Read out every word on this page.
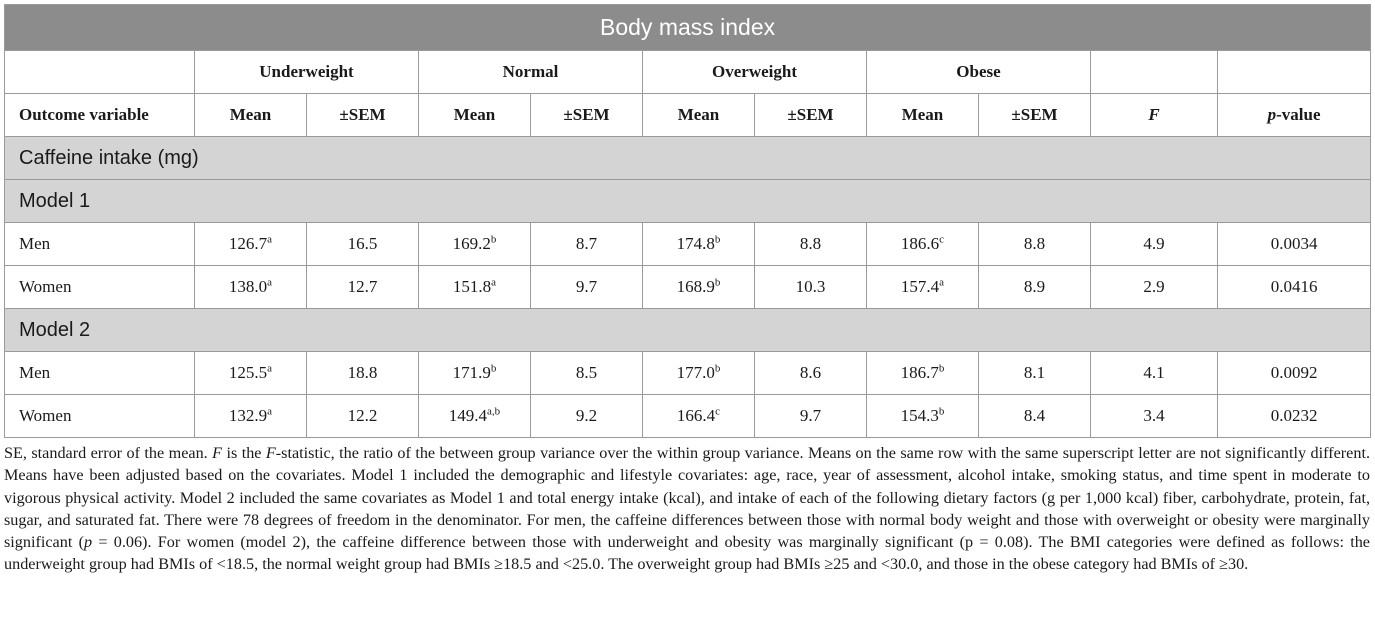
Body mass index										
	Underweight		Normal		Overweight		Obese			
Outcome variable	Mean	±SEM	Mean	±SEM	Mean	±SEM	Mean	±SEM	F	p-value
Caffeine intake (mg)										
Model 1										
Men	126.7$^a$	16.5	169.2$^b$	8.7	174.8$^b$	8.8	186.6$^c$	8.8	4.9	0.0034
Women	138.0$^a$	12.7	151.8$^a$	9.7	168.9$^b$	10.3	157.4$^a$	8.9	2.9	0.0416
Model 2										
Men	125.5$^a$	18.8	171.9$^b$	8.5	177.0$^b$	8.6	186.7$^b$	8.1	4.1	0.0092
Women	132.9$^a$	12.2	149.4$^{a,b}$	9.2	166.4$^c$	9.7	154.3$^b$	8.4	3.4	0.0232

SE, standard error of the mean. F is the F-statistic, the ratio of the between group variance over the within group variance. Means on the same row with the same superscript letter are not significantly different. Means have been adjusted based on the covariates. Model 1 included the demographic and lifestyle covariates: age, race, year of assessment, alcohol intake, smoking status, and time spent in moderate to vigorous physical activity. Model 2 included the same covariates as Model 1 and total energy intake (kcal), and intake of each of the following dietary factors (g per 1,000 kcal) fiber, carbohydrate, protein, fat, sugar, and saturated fat. There were 78 degrees of freedom in the denominator. For men, the caffeine differences between those with normal body weight and those with overweight or obesity were marginally significant (p = 0.06). For women (model 2), the caffeine difference between those with underweight and obesity was marginally significant (p = 0.08). The BMI categories were defined as follows: the underweight group had BMIs of <18.5, the normal weight group had BMIs ≥18.5 and <25.0. The overweight group had BMIs ≥25 and <30.0, and those in the obese category had BMIs of ≥30.
